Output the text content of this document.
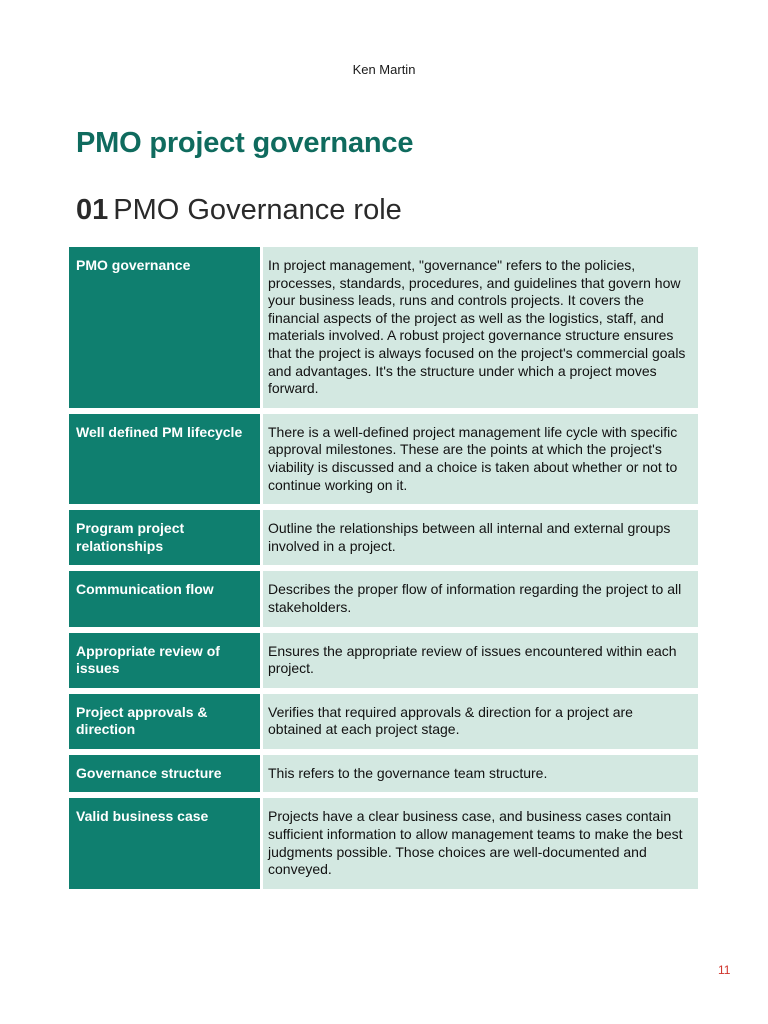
Ken Martin
PMO project governance
01 PMO Governance role
PMO governance	In project management, "governance" refers to the policies, processes, standards, procedures, and guidelines that govern how your business leads, runs and controls projects. It covers the financial aspects of the project as well as the logistics, staff, and materials involved. A robust project governance structure ensures that the project is always focused on the project's commercial goals and advantages. It's the structure under which a project moves forward.
Well defined PM lifecycle	There is a well-defined project management life cycle with specific approval milestones. These are the points at which the project's viability is discussed and a choice is taken about whether or not to continue working on it.
Program project relationships	Outline the relationships between all internal and external groups involved in a project.
Communication flow	Describes the proper flow of information regarding the project to all stakeholders.
Appropriate review of issues	Ensures the appropriate review of issues encountered within each project.
Project approvals & direction	Verifies that required approvals & direction for a project are obtained at each project stage.
Governance structure	This refers to the governance team structure.
Valid business case	Projects have a clear business case, and business cases contain sufficient information to allow management teams to make the best judgments possible. Those choices are well-documented and conveyed.
11
